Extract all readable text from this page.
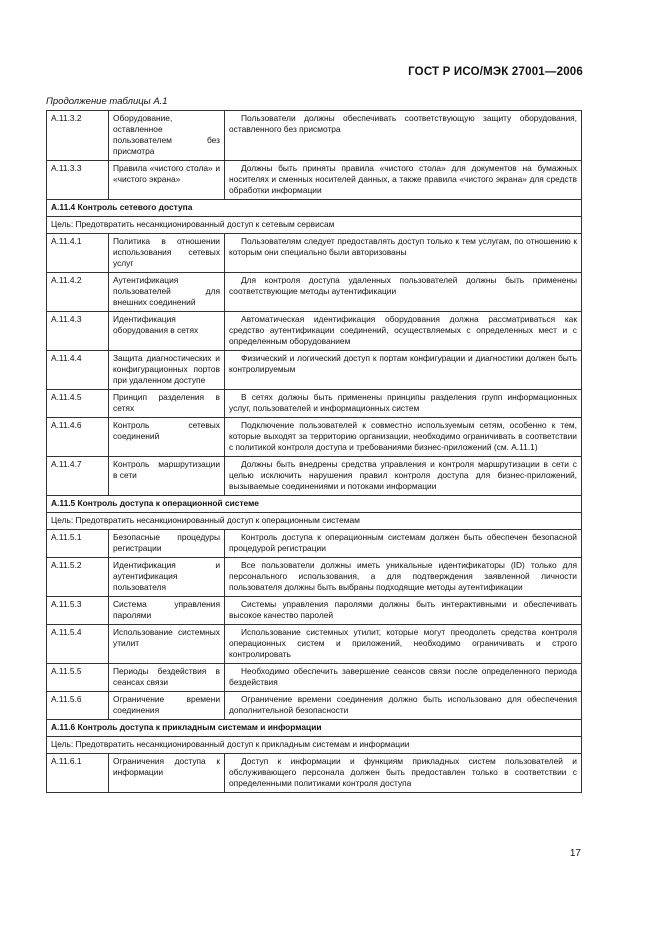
ГОСТ Р ИСО/МЭК 27001—2006
Продолжение таблицы А.1
А.11.3.2	Оборудование, оставленное пользователем без присмотра	Пользователи должны обеспечивать соответствующую защиту оборудования, оставленного без присмотра
А.11.3.3	Правила «чистого стола» и «чистого экрана»	Должны быть приняты правила «чистого стола» для документов на бумажных носителях и сменных носителей данных, а также правила «чистого экрана» для средств обработки информации
А.11.4 Контроль сетевого доступа		
Цель: Предотвратить несанкционированный доступ к сетевым сервисам		
А.11.4.1	Политика в отношении использования сетевых услуг	Пользователям следует предоставлять доступ только к тем услугам, по отношению к которым они специально были авторизованы
А.11.4.2	Аутентификация пользователей для внешних соединений	Для контроля доступа удаленных пользователей должны быть применены соответствующие методы аутентификации
А.11.4.3	Идентификация оборудования в сетях	Автоматическая идентификация оборудования должна рассматриваться как средство аутентификации соединений, осуществляемых с определенных мест и с определенным оборудованием
А.11.4.4	Защита диагностических и конфигурационных портов при удаленном доступе	Физический и логический доступ к портам конфигурации и диагностики должен быть контролируемым
А.11.4.5	Принцип разделения в сетях	В сетях должны быть применены принципы разделения групп информационных услуг, пользователей и информационных систем
А.11.4.6	Контроль сетевых соединений	Подключение пользователей к совместно используемым сетям, особенно к тем, которые выходят за территорию организации, необходимо ограничивать в соответствии с политикой контроля доступа и требованиями бизнес-приложений (см. А.11.1)
А.11.4.7	Контроль маршрутизации в сети	Должны быть внедрены средства управления и контроля маршрутизации в сети с целью исключить нарушения правил контроля доступа для бизнес-приложений, вызываемые соединениями и потоками информации
А.11.5 Контроль доступа к операционной системе		
Цель: Предотвратить несанкционированный доступ к операционным системам		
А.11.5.1	Безопасные процедуры регистрации	Контроль доступа к операционным системам должен быть обеспечен безопасной процедурой регистрации
А.11.5.2	Идентификация и аутентификация пользователя	Все пользователи должны иметь уникальные идентификаторы (ID) только для персонального использования, а для подтверждения заявленной личности пользователя должны быть выбраны подходящие методы аутентификации
А.11.5.3	Система управления паролями	Системы управления паролями должны быть интерактивными и обеспечивать высокое качество паролей
А.11.5.4	Использование системных утилит	Использование системных утилит, которые могут преодолеть средства контроля операционных систем и приложений, необходимо ограничивать и строго контролировать
А.11.5.5	Периоды бездействия в сеансах связи	Необходимо обеспечить завершение сеансов связи после определенного периода бездействия
А.11.5.6	Ограничение времени соединения	Ограничение времени соединения должно быть использовано для обеспечения дополнительной безопасности
А.11.6 Контроль доступа к прикладным системам и информации		
Цель: Предотвратить несанкционированный доступ к прикладным системам и информации		
А.11.6.1	Ограничения доступа к информации	Доступ к информации и функциям прикладных систем пользователей и обслуживающего персонала должен быть предоставлен только в соответствии с определенными политиками контроля доступа
17
